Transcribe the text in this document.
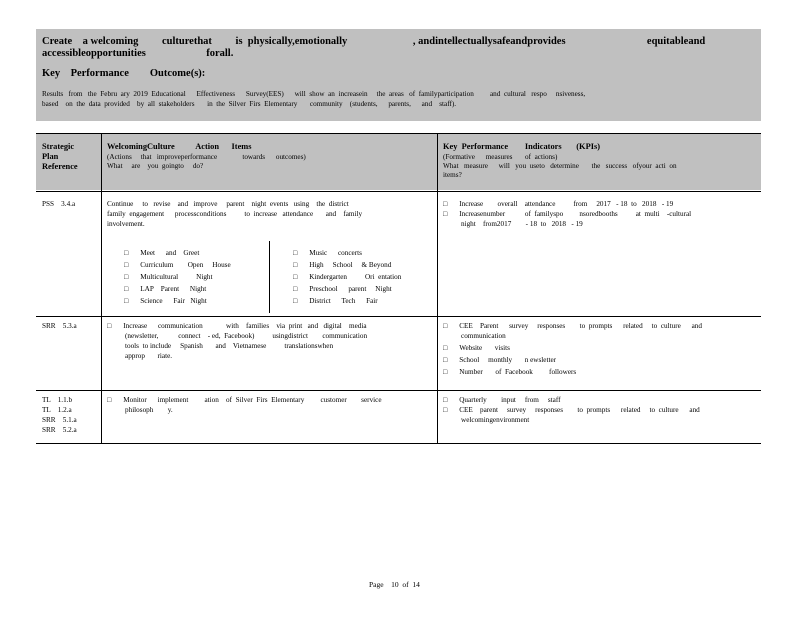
Create    a welcoming         culturethat         is  physically,emotionally                         , andintellectuallysafeandprovides                               equitableand
accessibleopportunities                       forall.
Key    Performance        Outcome(s):
Results   from   the  Febru  ary  2019  Educational      Effectiveness      Survey(EES)      will  show  an  increasein     the  areas   of  familyparticipation         and  cultural   respo     nsiveness,
based    on  the  data  provided    by  all  stakeholders       in  the  Silver  Firs  Elementary       community    (students,      parents,      and    staff).
Strategic
Plan
Reference
WelcomingCulture          Action      Items
(Actions     that   improveperformance              towards      outcomes)
What     are    you  goingto     do?
Key  Performance        Indicators       (KPIs)
(Formative      measures       of  actions)
What   measure      will   you  useto   determine       the   success   ofyour  acti  on
items?
PSS    3.4.a	Continue     to   revise    and   improve     parent    night  events   using    the  district
family  engagement      processconditions          to  increase   attendance       and    family
involvement.
□ Meet      and    Greet
□ Curriculum        Open     House
□ Multicultural          Night
□ LAP    Parent      Night
□ Science      Fair   Night
□ Music      concerts
□ High     School     & Beyond
□ Kindergarten          Ori  entation
□ Preschool      parent     Night
□ District      Tech      Fair
□ Increase        overall    attendance          from     2017   - 18  to   2018   - 19
□ Increasenumber           of  familyspo         nsoredbooths          at  multi    -cultural
night    from2017        - 18  to   2018   - 19
SRR    5.3.a	□ Increase      communication             with    families    via  print   and   digital    media
(newsletter,           connect    - ed,  Facebook)          usingdistrict        communication
tools  to include     Spanish       and    Vietnamese          translationswhen
approp       riate.
□ CEE    Parent      survey     responses        to  prompts      related     to  culture      and
communication
□ Website       visits
□ School     monthly       n ewsletter
□ Number       of  Facebook         followers
TL    1.1.b
TL    1.2.a
SRR    5.1.a
SRR    5.2.a
□ Monitor      implement         ation    of  Silver  Firs  Elementary         customer        service
philosoph        y.
□ Quarterly        input     from     staff
□ CEE    parent     survey     responses        to  prompts      related     to  culture      and
welcomingenvironment
Page    10  of  14
